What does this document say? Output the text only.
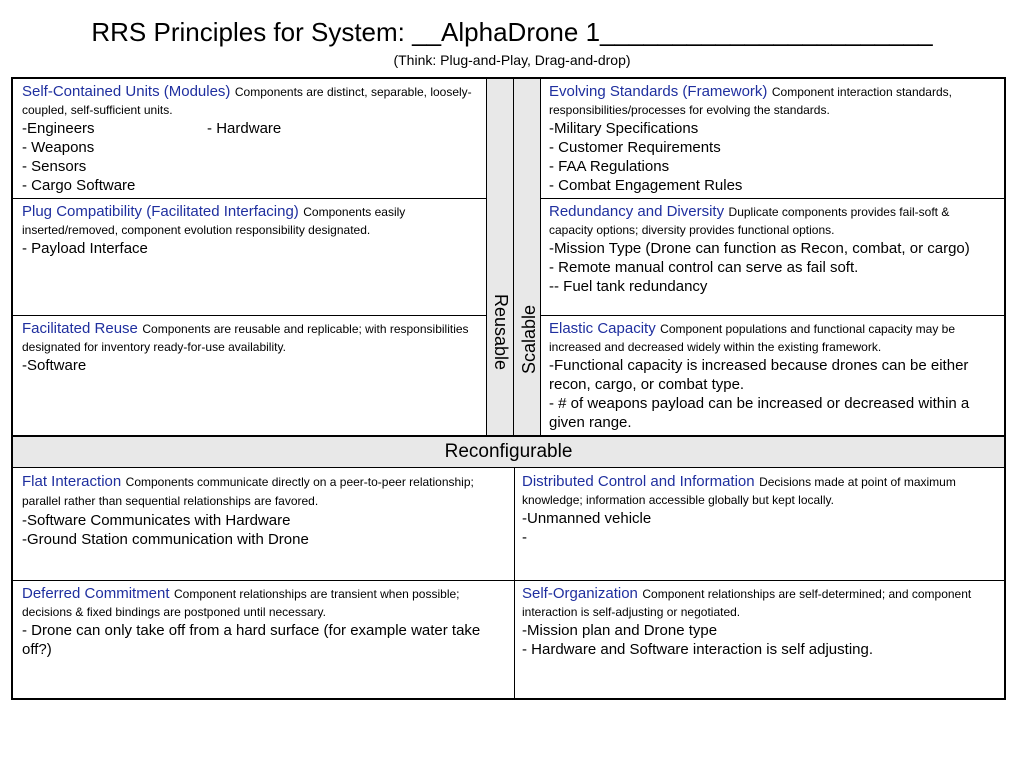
RRS Principles for System: __AlphaDrone 1_______________________
(Think: Plug-and-Play, Drag-and-drop)
Reusable Scalable
Self-Contained Units (Modules) Components are distinct, separable, loosely-coupled, self-sufficient units.
-Engineers                           - Hardware
- Weapons
- Sensors
- Cargo Software
Plug Compatibility (Facilitated Interfacing) Components easily inserted/removed, component evolution responsibility designated.
- Payload Interface
Facilitated Reuse Components are reusable and replicable; with responsibilities designated for inventory ready-for-use availability.
-Software
Evolving Standards (Framework) Component interaction standards, responsibilities/processes for evolving the standards.
-Military Specifications
- Customer Requirements
- FAA Regulations
- Combat Engagement Rules
Redundancy and Diversity Duplicate components provides fail-soft & capacity options; diversity provides functional options.
-Mission Type (Drone can function as Recon, combat, or cargo)
- Remote manual control can serve as fail soft.
-- Fuel tank redundancy
Elastic Capacity Component populations and functional capacity may be increased and decreased widely within the existing framework.
-Functional capacity is increased because drones can be either recon, cargo, or combat type.
- # of weapons payload can be increased or decreased within a given range.
Reconfigurable
Flat Interaction Components communicate directly on a peer-to-peer relationship; parallel rather than sequential relationships are favored.
-Software Communicates with Hardware
-Ground Station communication with Drone
Distributed Control and Information Decisions made at point of maximum knowledge; information accessible globally but kept locally.
-Unmanned vehicle
-
Deferred Commitment Component relationships are transient when possible; decisions & fixed bindings are postponed until necessary.
- Drone can only take off from a hard surface (for example water take off?)
Self-Organization Component relationships are self-determined; and component interaction is self-adjusting or negotiated.
-Mission plan and Drone type
- Hardware and Software interaction is self adjusting.
